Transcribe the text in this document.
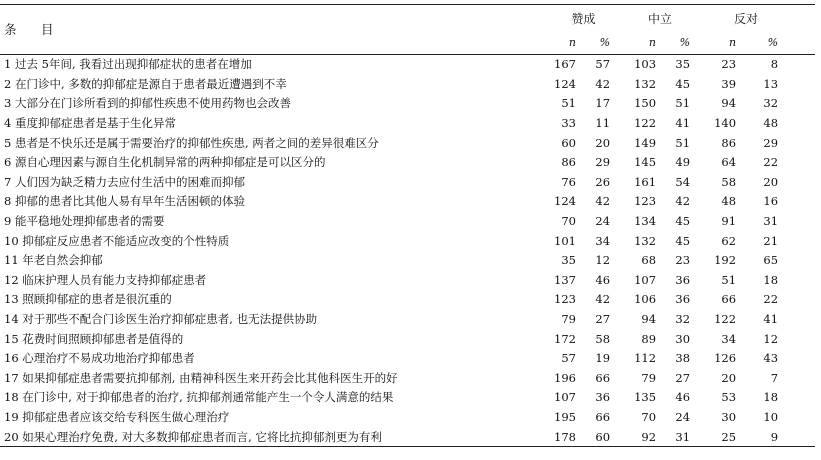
条　目	赞成		中立		反对		
	n	%	n	%	n	%	
1 过去 5年间, 我看过出现抑郁症状的患者在增加	167	57	103	35	23	8	
2 在门诊中, 多数的抑郁症是源自于患者最近遭遇到不幸	124	42	132	45	39	13	
3 大部分在门诊所看到的抑郁性疾患不使用药物也会改善	51	17	150	51	94	32	
4 重度抑郁症患者是基于生化异常	33	11	122	41	140	48	
5 患者是不快乐还是属于需要治疗的抑郁性疾患, 两者之间的差异很难区分	60	20	149	51	86	29	
6 源自心理因素与源自生化机制异常的两种抑郁症是可以区分的	86	29	145	49	64	22	
7 人们因为缺乏精力去应付生活中的困难而抑郁	76	26	161	54	58	20	
8 抑郁的患者比其他人易有早年生活困顿的体验	124	42	123	42	48	16	
9 能平稳地处理抑郁患者的需要	70	24	134	45	91	31	
10 抑郁症反应患者不能适应改变的个性特质	101	34	132	45	62	21	
11 年老自然会抑郁	35	12	68	23	192	65	
12 临床护理人员有能力支持抑郁症患者	137	46	107	36	51	18	
13 照顾抑郁症的患者是很沉重的	123	42	106	36	66	22	
14 对于那些不配合门诊医生治疗抑郁症患者, 也无法提供协助	79	27	94	32	122	41	
15 花费时间照顾抑郁患者是值得的	172	58	89	30	34	12	
16 心理治疗不易成功地治疗抑郁患者	57	19	112	38	126	43	
17 如果抑郁症患者需要抗抑郁剂, 由精神科医生来开药会比其他科医生开的好	196	66	79	27	20	7	
18 在门诊中, 对于抑郁患者的治疗, 抗抑郁剂通常能产生一个令人满意的结果	107	36	135	46	53	18	
19 抑郁症患者应该交给专科医生做心理治疗	195	66	70	24	30	10	
20 如果心理治疗免费, 对大多数抑郁症患者而言, 它将比抗抑郁剂更为有利	178	60	92	31	25	9	
